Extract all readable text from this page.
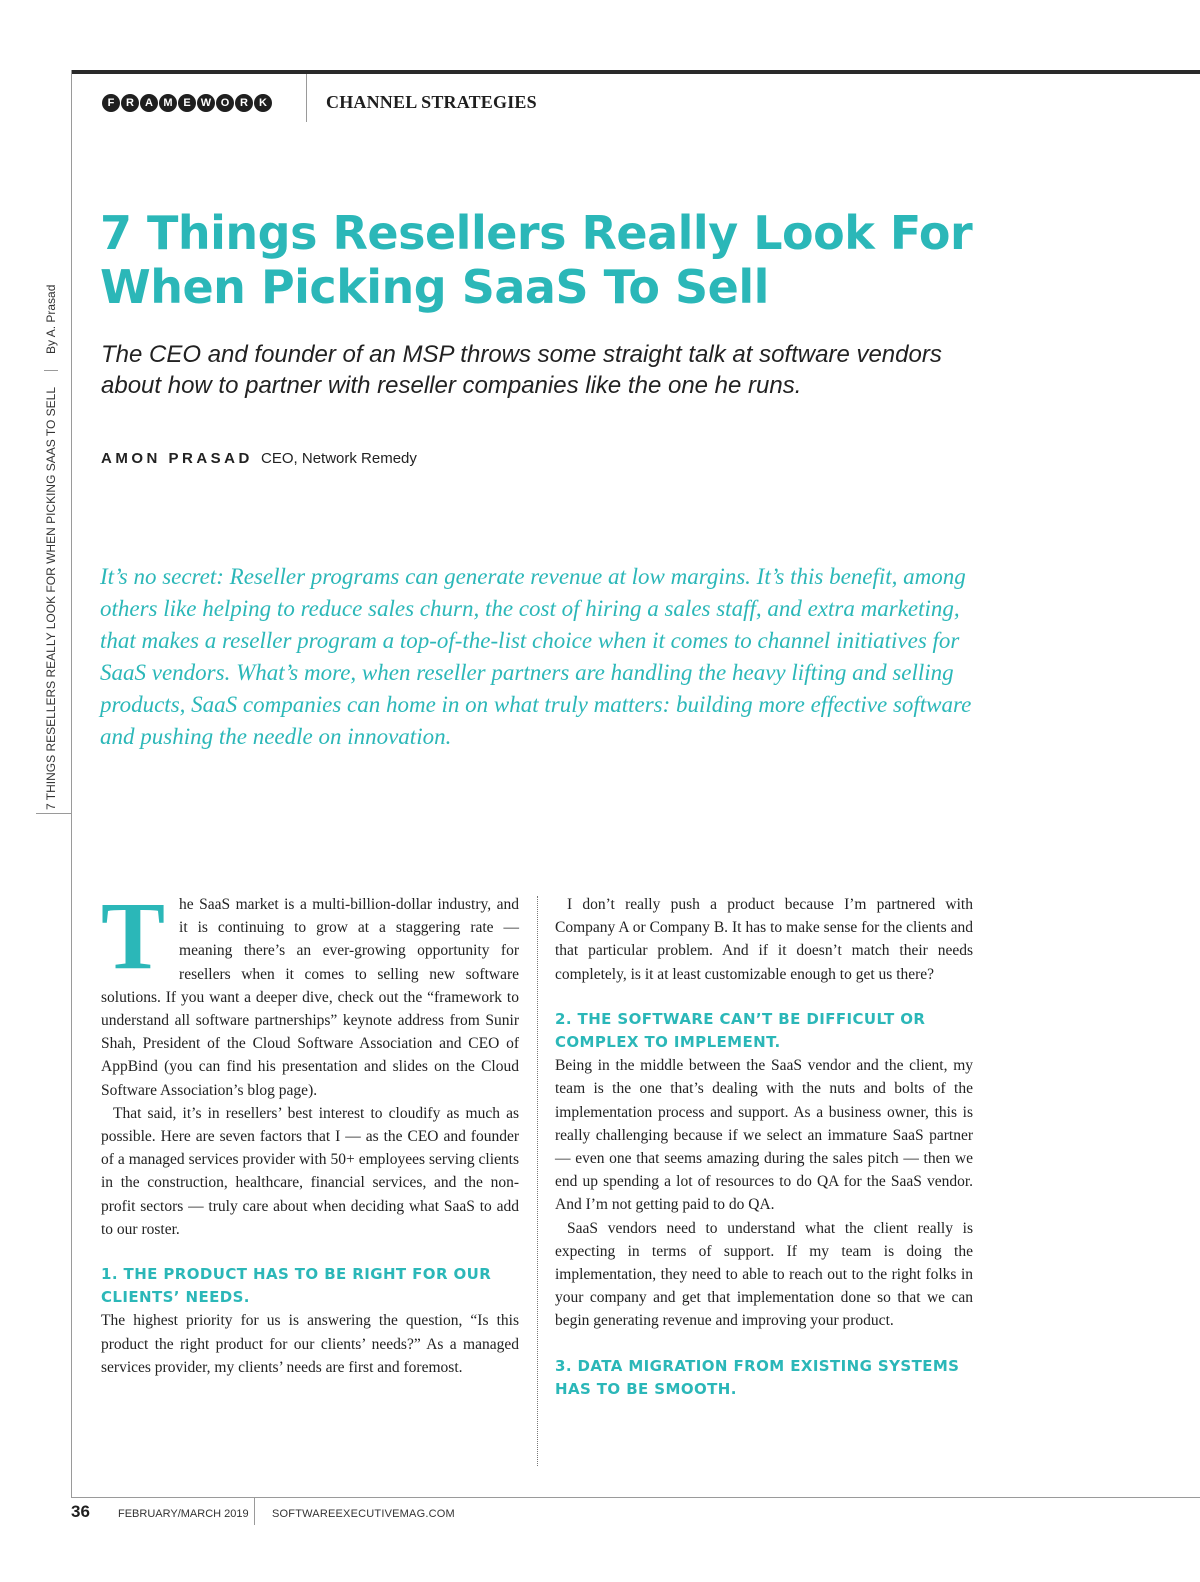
F	R	A M E W O R	K	CHANNEL STRATEGIES
7 THINGS RESELLERS REALLY LOOK FOR WHEN PICKING SAAS TO SELLBy A. Prasad
7 Things Resellers Really Look For When Picking SaaS To Sell
The CEO and founder of an MSP throws some straight talk at software vendors about how to partner with reseller companies like the one he runs.
AMON PRASAD CEO, Network Remedy
It’s no secret: Reseller programs can generate revenue at low margins. It’s this benefit, among others like helping to reduce sales churn, the cost of hiring a sales staff, and extra marketing, that makes a reseller program a top-of-the-list choice when it comes to channel initiatives for SaaS vendors. What’s more, when reseller partners are handling the heavy lifting and selling products, SaaS companies can home in on what truly matters: building more effective software and pushing the needle on innovation.
T he SaaS market is a multi-billion-dollar industry, and it is continuing to grow at a staggering rate — meaning there’s an ever-growing opportunity for resellers when it comes to selling new software solutions. If you want a deeper dive, check out the “framework to understand all software partnerships” keynote address from Sunir Shah, President of the Cloud Software Association and CEO of AppBind (you can find his presentation and slides on the Cloud Software Association’s blog page).

That said, it’s in resellers’ best interest to cloudify as much as possible. Here are seven factors that I — as the CEO and founder of a managed services provider with 50+ employees serving clients in the construction, healthcare, financial services, and the non-profit sectors — truly care about when deciding what SaaS to add to our roster.

1. THE PRODUCT HAS TO BE RIGHT FOR OUR CLIENTS’ NEEDS.

The highest priority for us is answering the question, “Is this product the right product for our clients’ needs?” As a managed services provider, my clients’ needs are first and foremost.

I don’t really push a product because I’m partnered with Company A or Company B. It has to make sense for the clients and that particular problem. And if it doesn’t match their needs completely, is it at least customizable enough to get us there?

2. THE SOFTWARE CAN’T BE DIFFICULT OR COMPLEX TO IMPLEMENT.

Being in the middle between the SaaS vendor and the client, my team is the one that’s dealing with the nuts and bolts of the implementation process and support. As a business owner, this is really challenging because if we select an immature SaaS partner — even one that seems amazing during the sales pitch — then we end up spending a lot of resources to do QA for the SaaS vendor. And I’m not getting paid to do QA.

SaaS vendors need to understand what the client really is expecting in terms of support. If my team is doing the implementation, they need to able to reach out to the right folks in your company and get that implementation done so that we can begin generating revenue and improving your product.

3. DATA MIGRATION FROM EXISTING SYSTEMS HAS TO BE SMOOTH.
36	FEBRUARY/MARCH 2019 SOFTWAREEXECUTIVEMAG.COM
